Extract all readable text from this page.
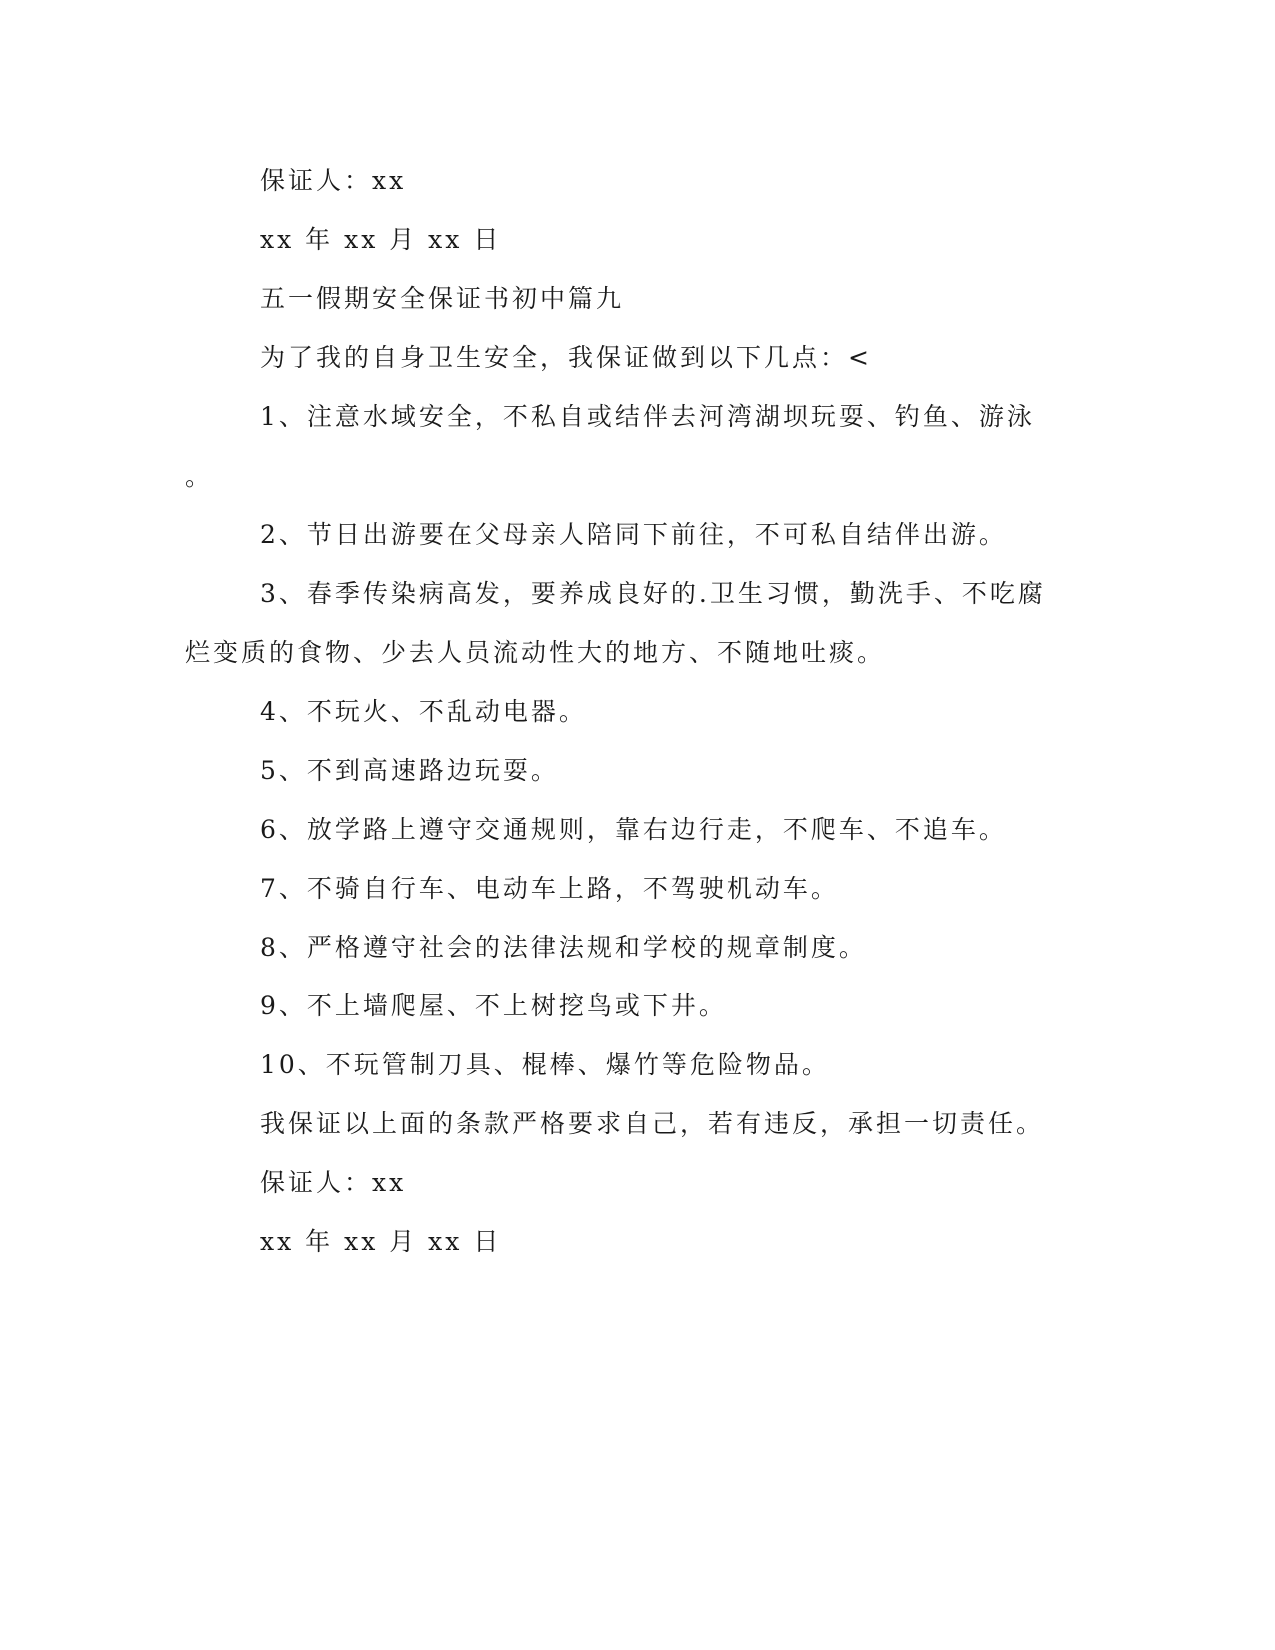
保证人：xx
xx 年 xx 月 xx 日
五一假期安全保证书初中篇九
为了我的自身卫生安全，我保证做到以下几点：<
1、注意水域安全，不私自或结伴去河湾湖坝玩耍、钓鱼、游泳
。
2、节日出游要在父母亲人陪同下前往，不可私自结伴出游。
3、春季传染病高发，要养成良好的.卫生习惯，勤洗手、不吃腐
烂变质的食物、少去人员流动性大的地方、不随地吐痰。
4、不玩火、不乱动电器。
5、不到高速路边玩耍。
6、放学路上遵守交通规则，靠右边行走，不爬车、不追车。
7、不骑自行车、电动车上路，不驾驶机动车。
8、严格遵守社会的法律法规和学校的规章制度。
9、不上墙爬屋、不上树挖鸟或下井。
10、不玩管制刀具、棍棒、爆竹等危险物品。
我保证以上面的条款严格要求自己，若有违反，承担一切责任。
保证人：xx
xx 年 xx 月 xx 日
